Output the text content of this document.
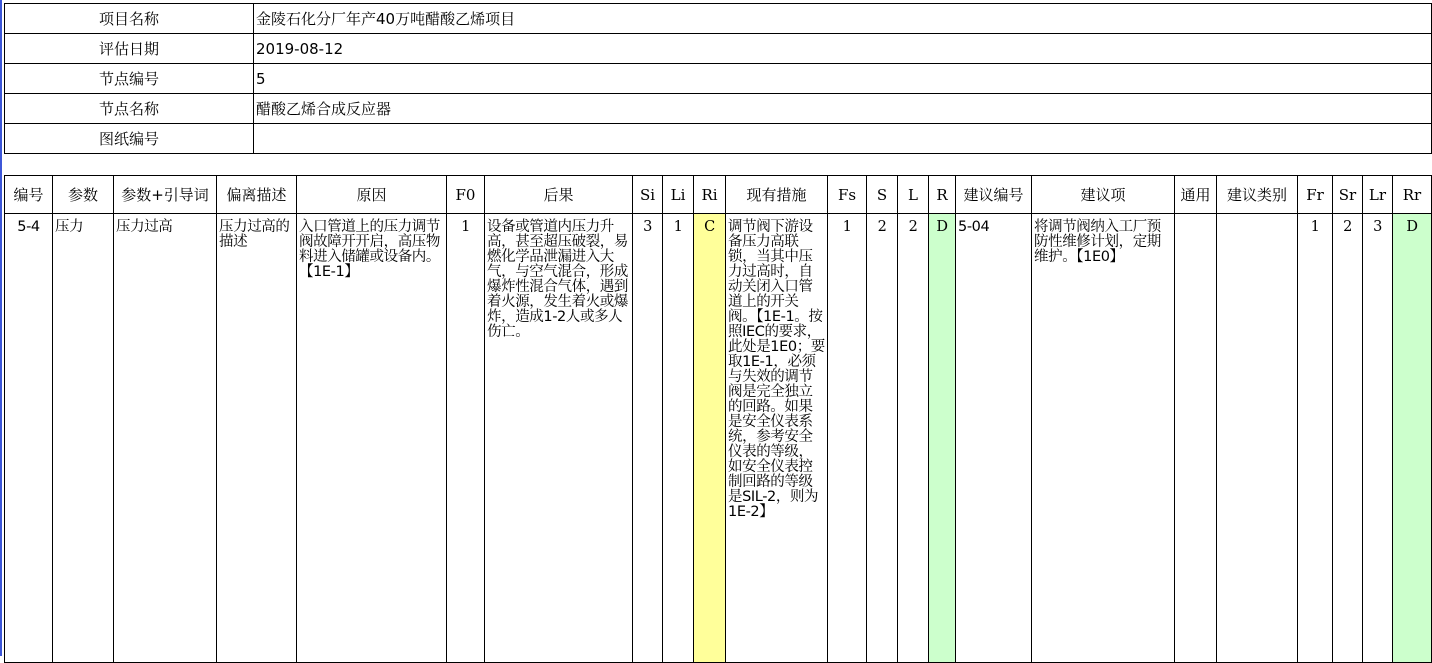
项目名称	金陵石化分厂年产40万吨醋酸乙烯项目
评估日期	2019-08-12
节点编号	5
节点名称	醋酸乙烯合成反应器
图纸编号	
编号	参数	参数+引导词	偏离描述	原因	F0	后果	Si	Li	Ri	现有措施	Fs	S	L	R	建议编号	建议项	通用	建议类别	Fr	Sr	Lr	Rr
5-4	压力	压力过高	压力过高的描述	入口管道上的压力调节阀故障开开启，高压物料进入储罐或设备内。【1E-1】	1	设备或管道内压力升高，甚至超压破裂，易燃化学品泄漏进入大气，与空气混合，形成爆炸性混合气体，遇到着火源，发生着火或爆炸，造成1-2人或多人伤亡。	3	1	C	调节阀下游设备压力高联锁，当其中压力过高时，自动关闭入口管道上的开关阀。【1E-1。按照IEC的要求，此处是1E0；要取1E-1，必须与失效的调节阀是完全独立的回路。如果是安全仪表系统，参考安全仪表的等级，如安全仪表控制回路的等级是SIL-2，则为1E-2】	1	2	2	D	5-04	将调节阀纳入工厂预防性维修计划，定期维护。【1E0】			1	2	3	D
